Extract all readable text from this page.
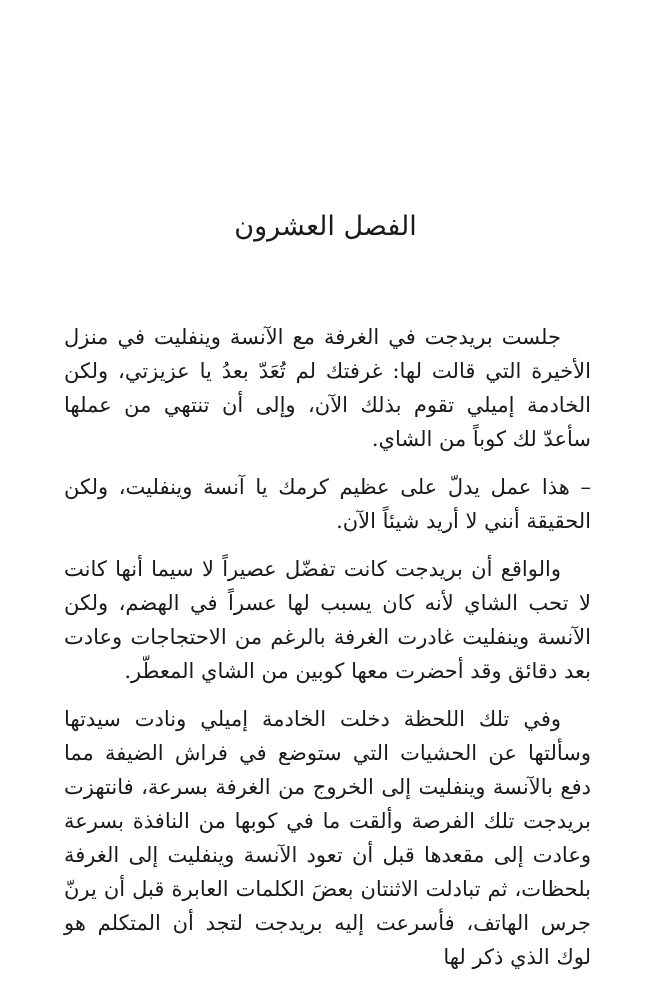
الفصل العشرون

جلست بريدجت في الغرفة مع الآنسة وينفليت في منزل الأخيرة التي قالت لها: غرفتك لم تُعَدّ بعدُ يا عزيزتي، ولكن الخادمة إميلي تقوم بذلك الآن، وإلى أن تنتهي من عملها سأعدّ لك كوباً من الشاي.

– هذا عمل يدلّ على عظيم كرمك يا آنسة وينفليت، ولكن الحقيقة أنني لا أريد شيئاً الآن.

والواقع أن بريدجت كانت تفضّل عصيراً لا سيما أنها كانت لا تحب الشاي لأنه كان يسبب لها عسراً في الهضم، ولكن الآنسة وينفليت غادرت الغرفة بالرغم من الاحتجاجات وعادت بعد دقائق وقد أحضرت معها كوبين من الشاي المعطّر.

وفي تلك اللحظة دخلت الخادمة إميلي ونادت سيدتها وسألتها عن الحشيات التي ستوضع في فراش الضيفة مما دفع بالآنسة وينفليت إلى الخروج من الغرفة بسرعة، فانتهزت بريدجت تلك الفرصة وألقت ما في كوبها من النافذة بسرعة وعادت إلى مقعدها قبل أن تعود الآنسة وينفليت إلى الغرفة بلحظات، ثم تبادلت الاثنتان بعضَ الكلمات العابرة قبل أن يرنّ جرس الهاتف، فأسرعت إليه بريدجت لتجد أن المتكلم هو لوك الذي ذكر لها
